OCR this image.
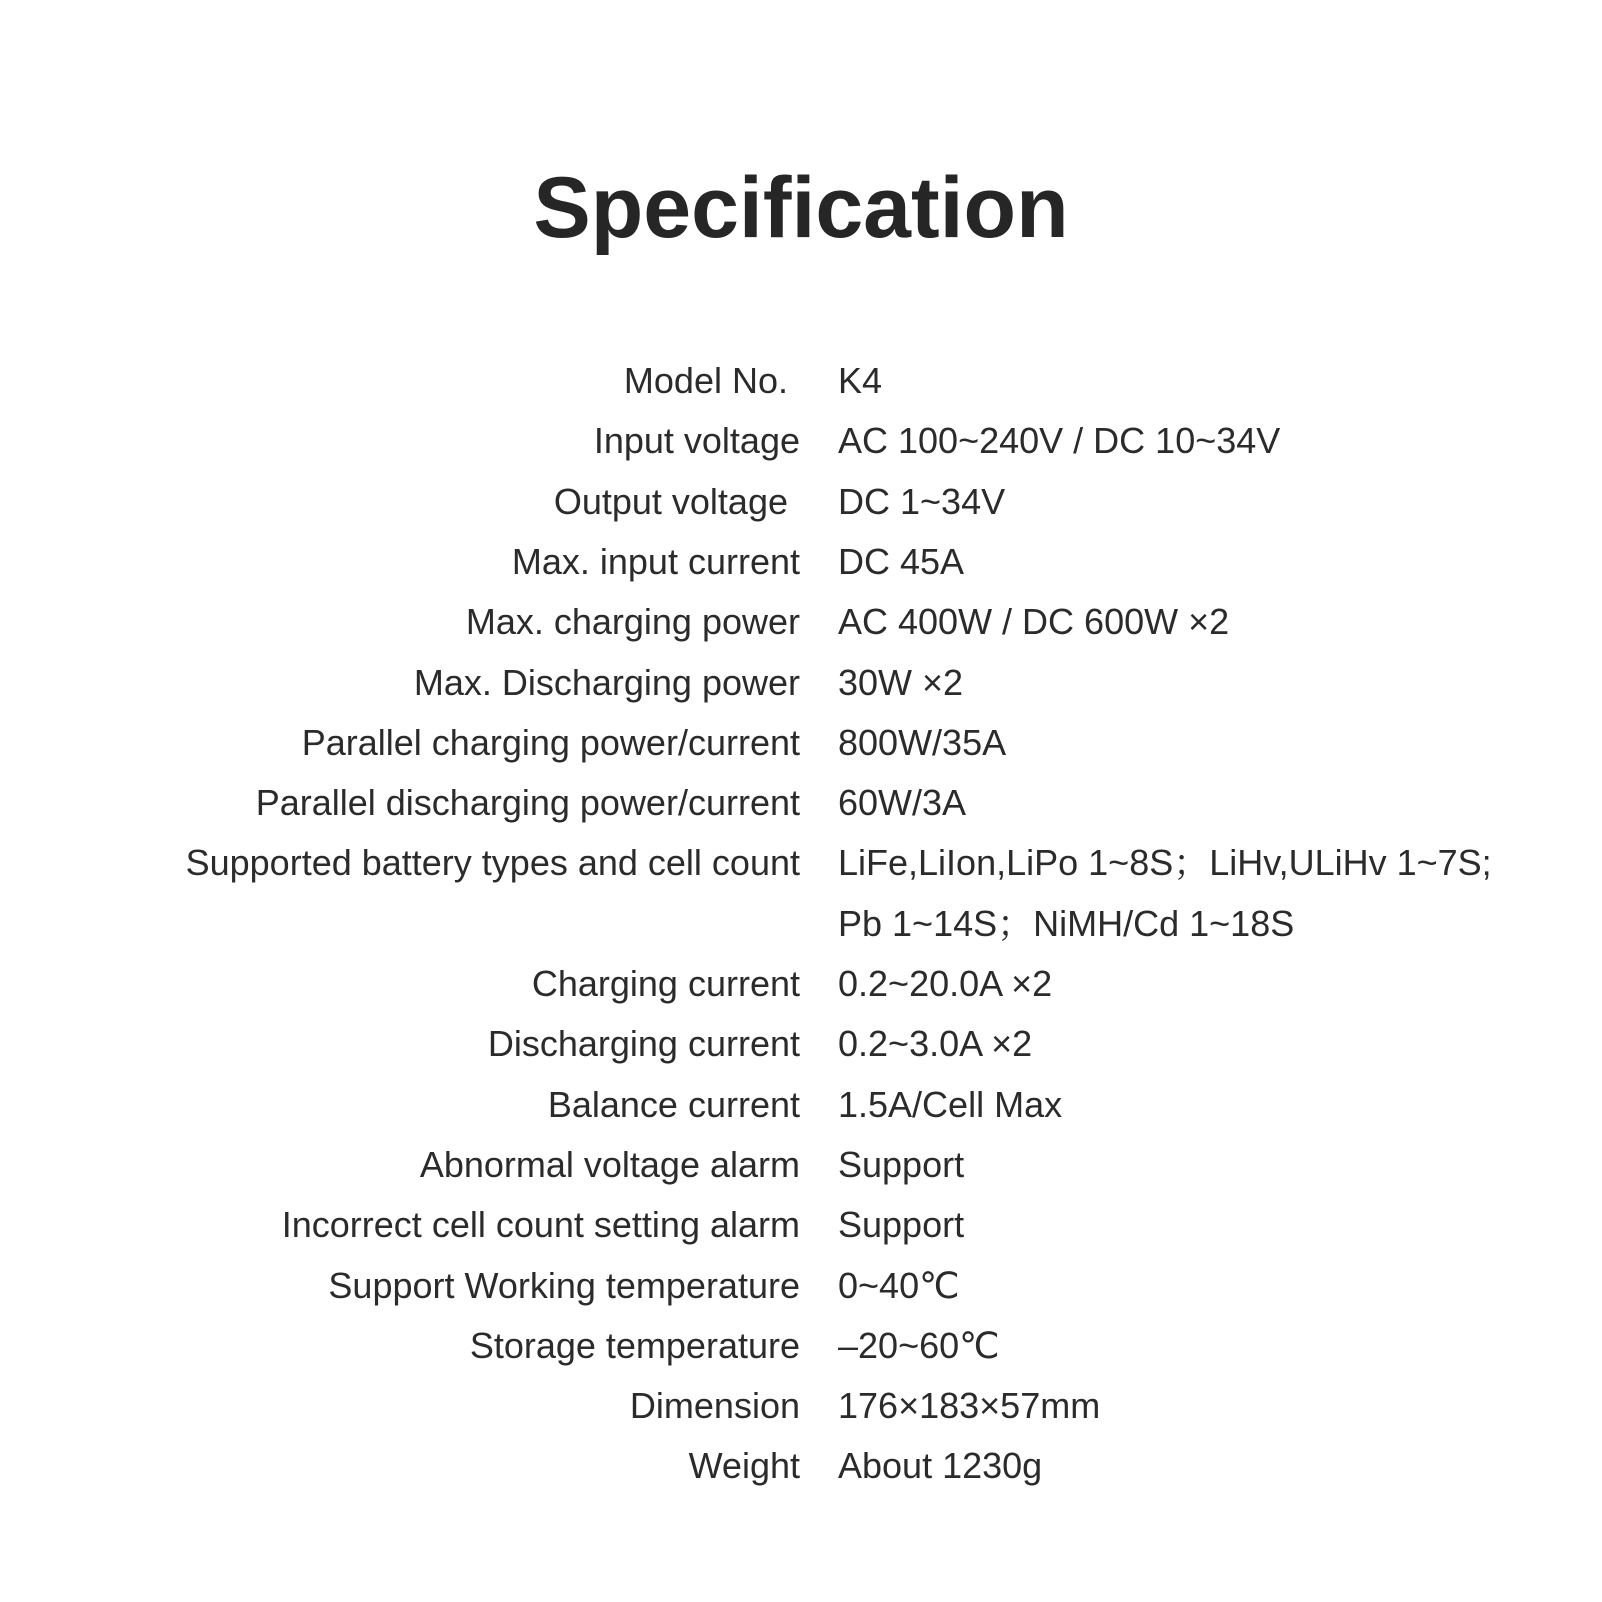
Specification
Model No. K4
Input voltage AC 100~240V / DC 10~34V
Output voltage DC 1~34V
Max. input current DC 45A
Max. charging power AC 400W / DC 600W ×2
Max. Discharging power 30W ×2
Parallel charging power/current 800W/35A
Parallel discharging power/current 60W/3A
Supported battery types and cell count LiFe,LiIon,LiPo 1~8S；LiHv,ULiHv 1~7S;
Pb 1~14S；NiMH/Cd 1~18S
Charging current 0.2~20.0A ×2
Discharging current 0.2~3.0A ×2
Balance current 1.5A/Cell Max
Abnormal voltage alarm Support
Incorrect cell count setting alarm Support
Support Working temperature 0~40℃
Storage temperature –20~60℃
Dimension 176×183×57mm
Weight About 1230g
